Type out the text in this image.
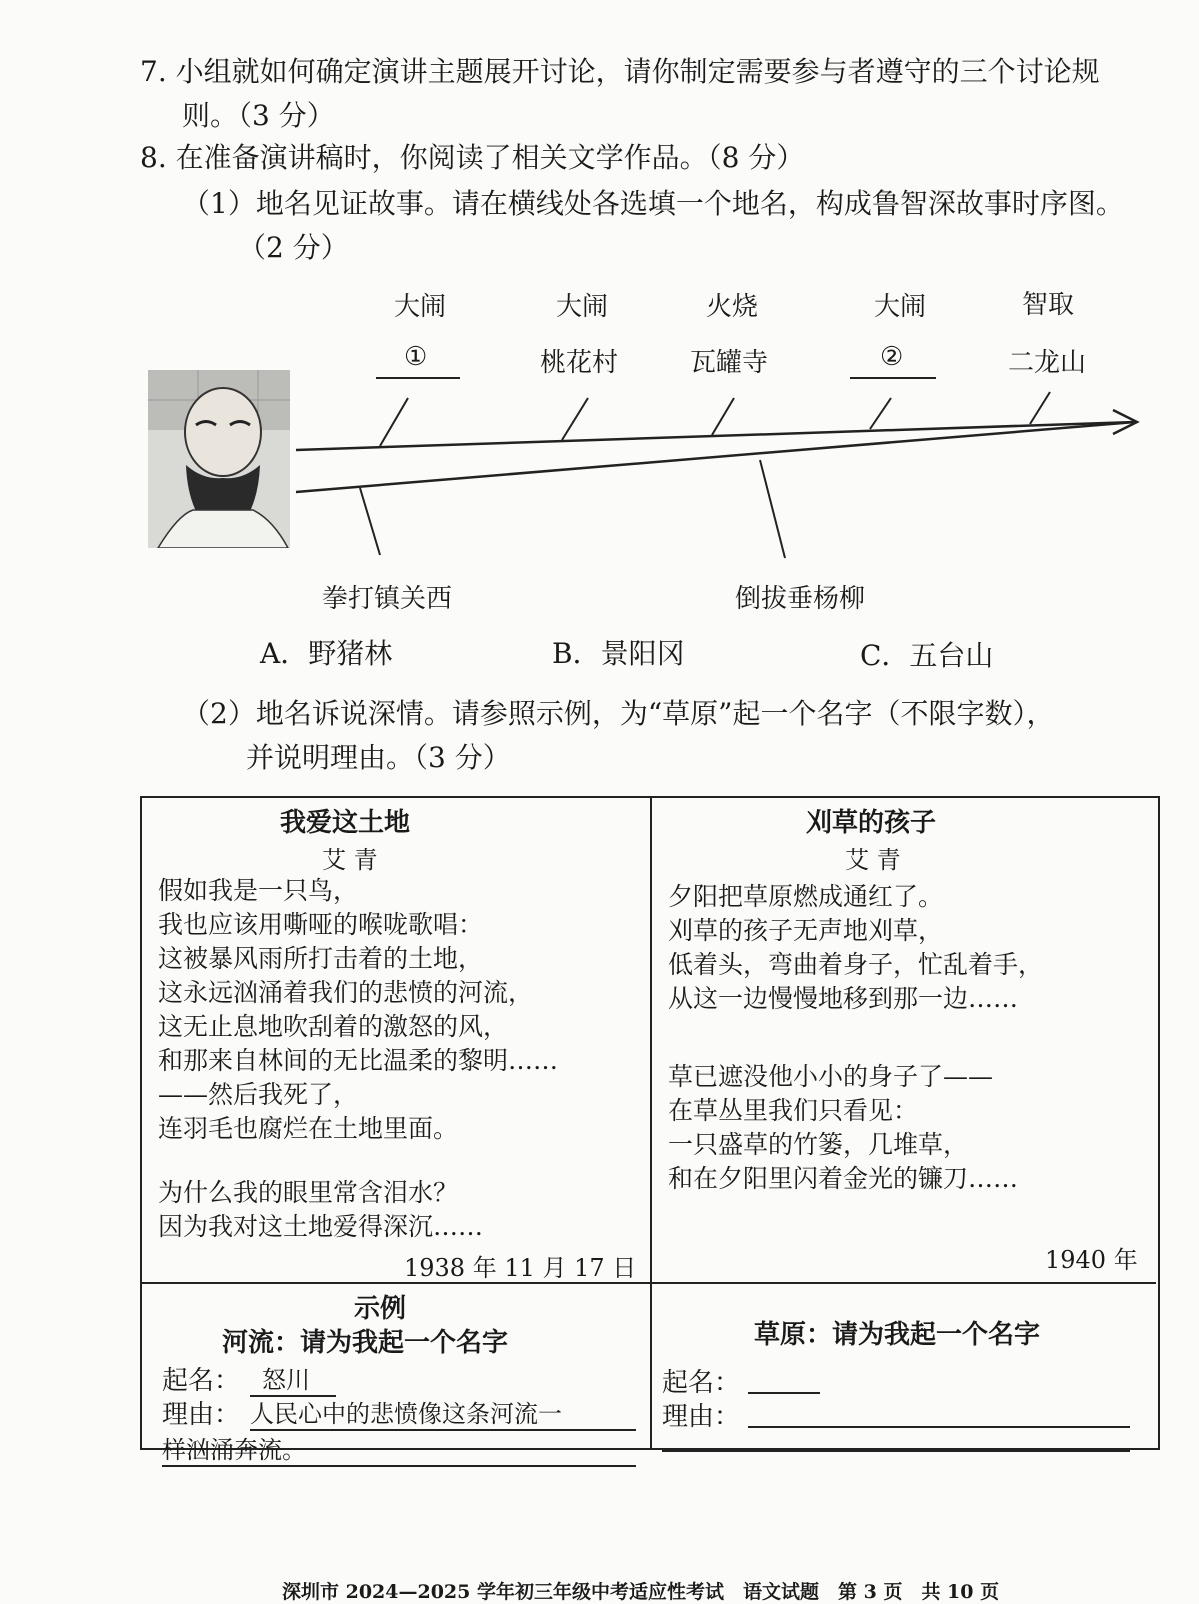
7. 小组就如何确定演讲主题展开讨论，请你制定需要参与者遵守的三个讨论规
则。（3 分）
8. 在准备演讲稿时，你阅读了相关文学作品。（8 分）
（1）地名见证故事。请在横线处各选填一个地名，构成鲁智深故事时序图。
（2 分）
大闹
①
大闹
桃花村
火烧
瓦罐寺
大闹
②
智取
二龙山
拳打镇关西	倒拔垂杨柳
A．野猪林	B．景阳冈	C．五台山
（2）地名诉说深情。请参照示例，为“草原”起一个名字（不限字数），
并说明理由。（3 分）
我爱这土地
艾 青
假如我是一只鸟，
我也应该用嘶哑的喉咙歌唱：
这被暴风雨所打击着的土地，
这永远汹涌着我们的悲愤的河流，
这无止息地吹刮着的激怒的风，
和那来自林间的无比温柔的黎明……
——然后我死了，
连羽毛也腐烂在土地里面。
为什么我的眼里常含泪水？
因为我对这土地爱得深沉……
1938 年 11 月 17 日
刈草的孩子
艾 青
夕阳把草原燃成通红了。
刈草的孩子无声地刈草，
低着头，弯曲着身子，忙乱着手，
从这一边慢慢地移到那一边……
草已遮没他小小的身子了——
在草丛里我们只看见：
一只盛草的竹篓，几堆草，
和在夕阳里闪着金光的镰刀……
1940 年
示例
河流：请为我起一个名字
起名： 怒川
理由： 人民心中的悲愤像这条河流一
样汹涌奔流。
草原：请为我起一个名字
起名：
理由：
深圳市 2024—2025 学年初三年级中考适应性考试　语文试题　第 3 页　共 10 页
